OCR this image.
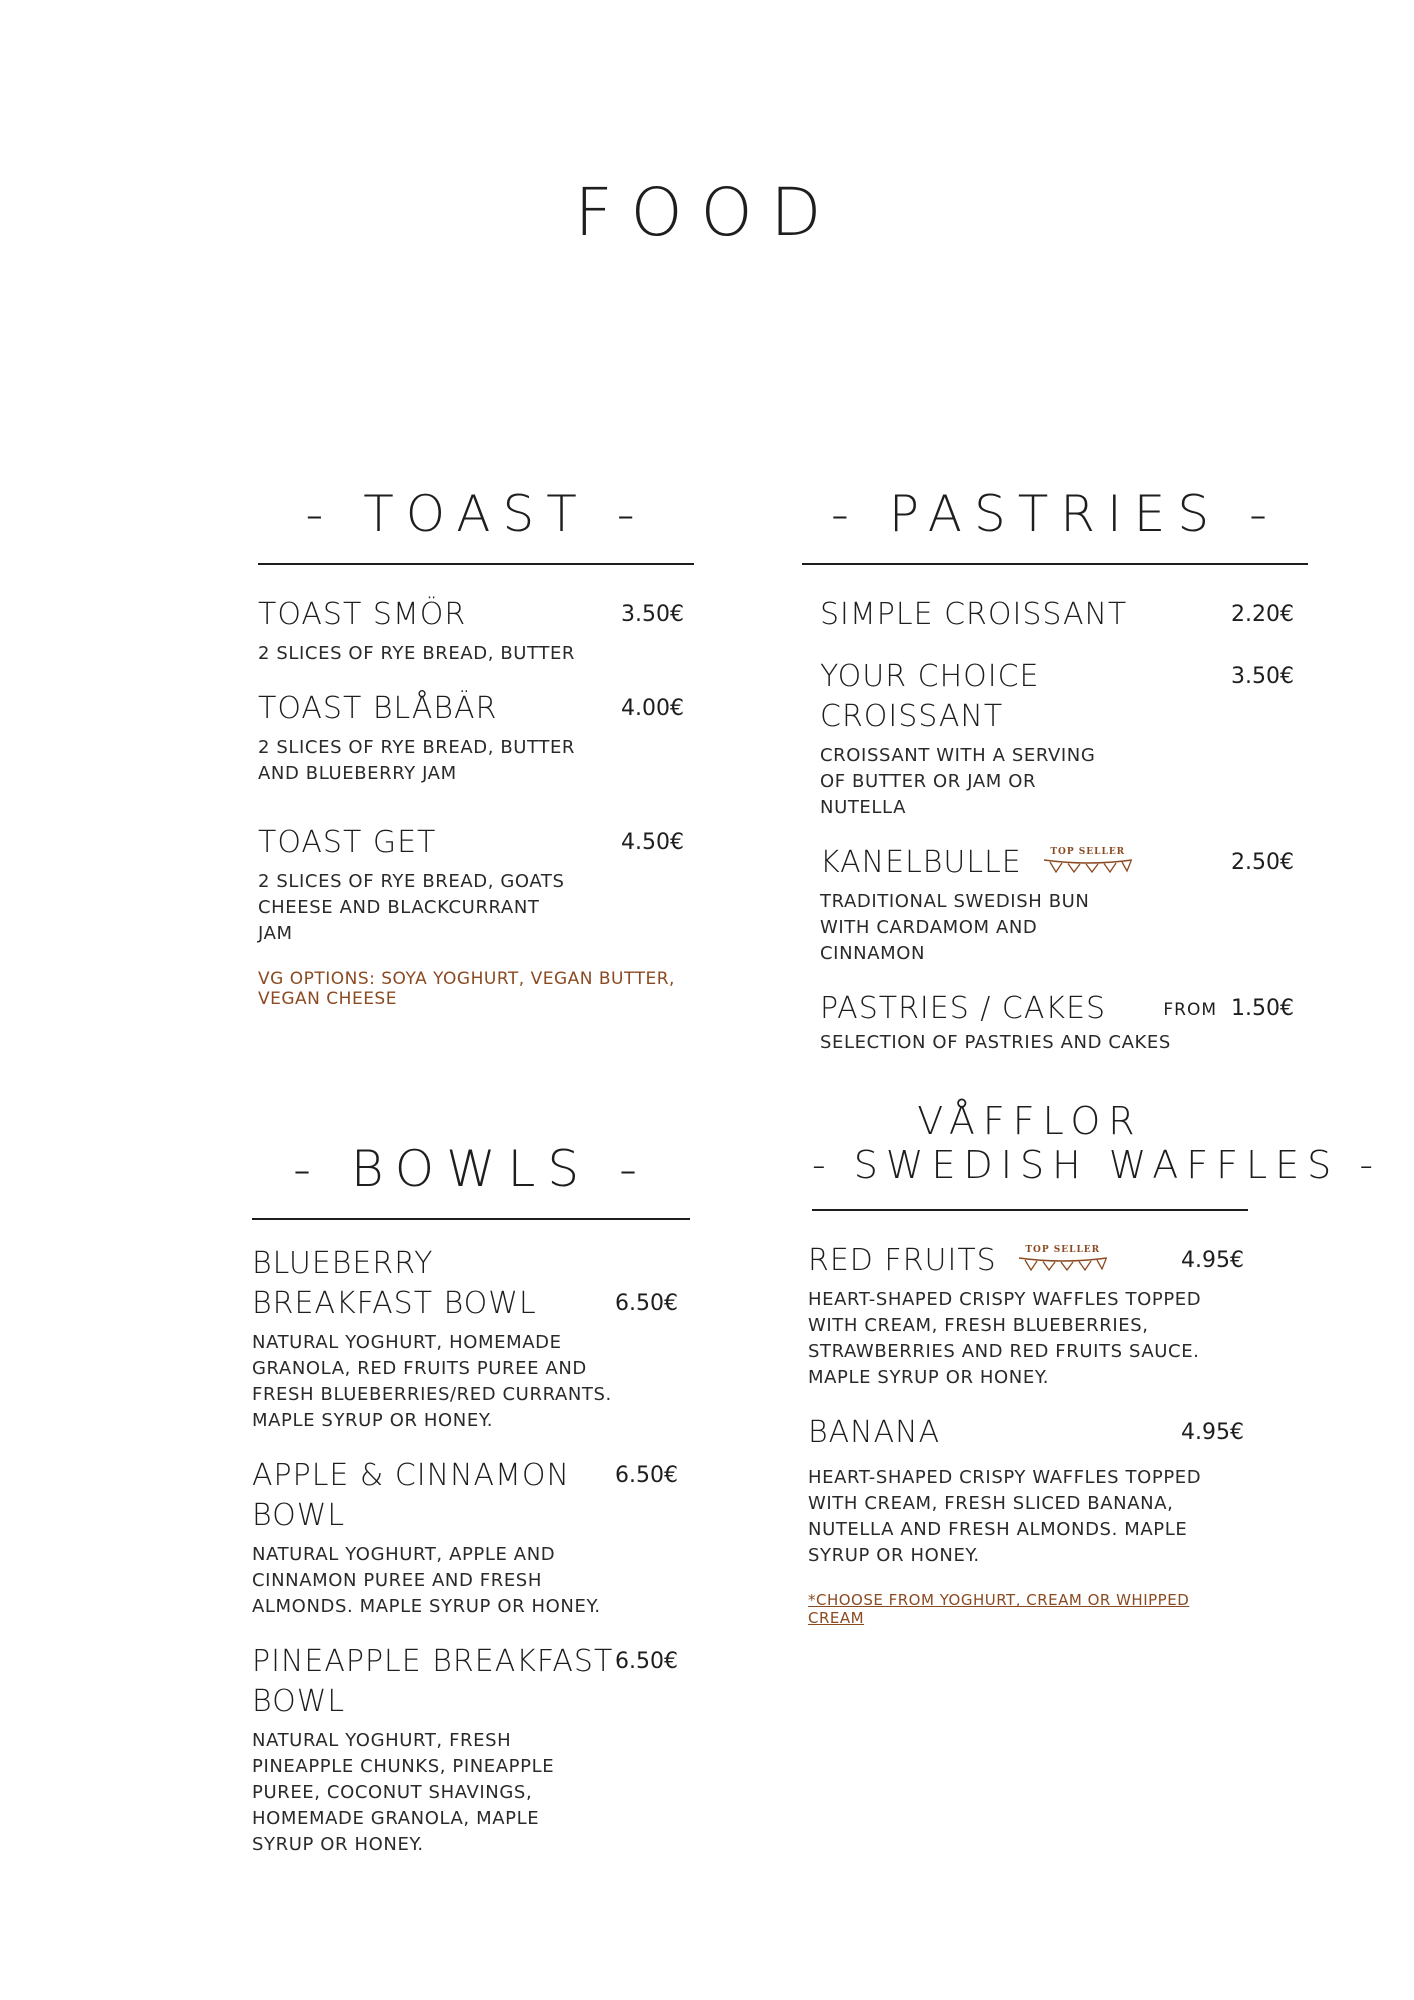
FOOD
- TOAST -
TOAST SMÖR	3.50€
2 SLICES OF RYE BREAD, BUTTER
TOAST BLÅBÄR	4.00€
2 SLICES OF RYE BREAD, BUTTER AND BLUEBERRY JAM
TOAST GET	4.50€
2 SLICES OF RYE BREAD, GOATS CHEESE AND BLACKCURRANT JAM
VG OPTIONS: SOYA YOGHURT, VEGAN BUTTER, VEGAN CHEESE
- PASTRIES -
SIMPLE CROISSANT	2.20€
YOUR CHOICE CROISSANT
3.50€
CROISSANT WITH A SERVING OF BUTTER OR JAM OR NUTELLA
KANELBULLE	TOP SELLER	2.50€
TRADITIONAL SWEDISH BUN WITH CARDAMOM AND CINNAMON
PASTRIES / CAKES	FROM 1.50€
SELECTION OF PASTRIES AND CAKES
- BOWLS -
BLUEBERRY BREAKFAST BOWL	6.50€
NATURAL YOGHURT, HOMEMADE GRANOLA, RED FRUITS PUREE AND FRESH BLUEBERRIES/RED CURRANTS. MAPLE SYRUP OR HONEY.
APPLE & CINNAMON BOWL
6.50€
NATURAL YOGHURT, APPLE AND CINNAMON PUREE AND FRESH ALMONDS. MAPLE SYRUP OR HONEY.
PINEAPPLE BREAKFAST BOWL
6.50€
NATURAL YOGHURT, FRESH PINEAPPLE CHUNKS, PINEAPPLE PUREE, COCONUT SHAVINGS, HOMEMADE GRANOLA, MAPLE SYRUP OR HONEY.
VÅFFLOR
- SWEDISH WAFFLES -
RED FRUITS	TOP SELLER	4.95€
HEART-SHAPED CRISPY WAFFLES TOPPED WITH CREAM, FRESH BLUEBERRIES, STRAWBERRIES AND RED FRUITS SAUCE. MAPLE SYRUP OR HONEY.
BANANA	4.95€
HEART-SHAPED CRISPY WAFFLES TOPPED WITH CREAM, FRESH SLICED BANANA, NUTELLA AND FRESH ALMONDS. MAPLE SYRUP OR HONEY.
*CHOOSE FROM YOGHURT, CREAM OR WHIPPED CREAM
